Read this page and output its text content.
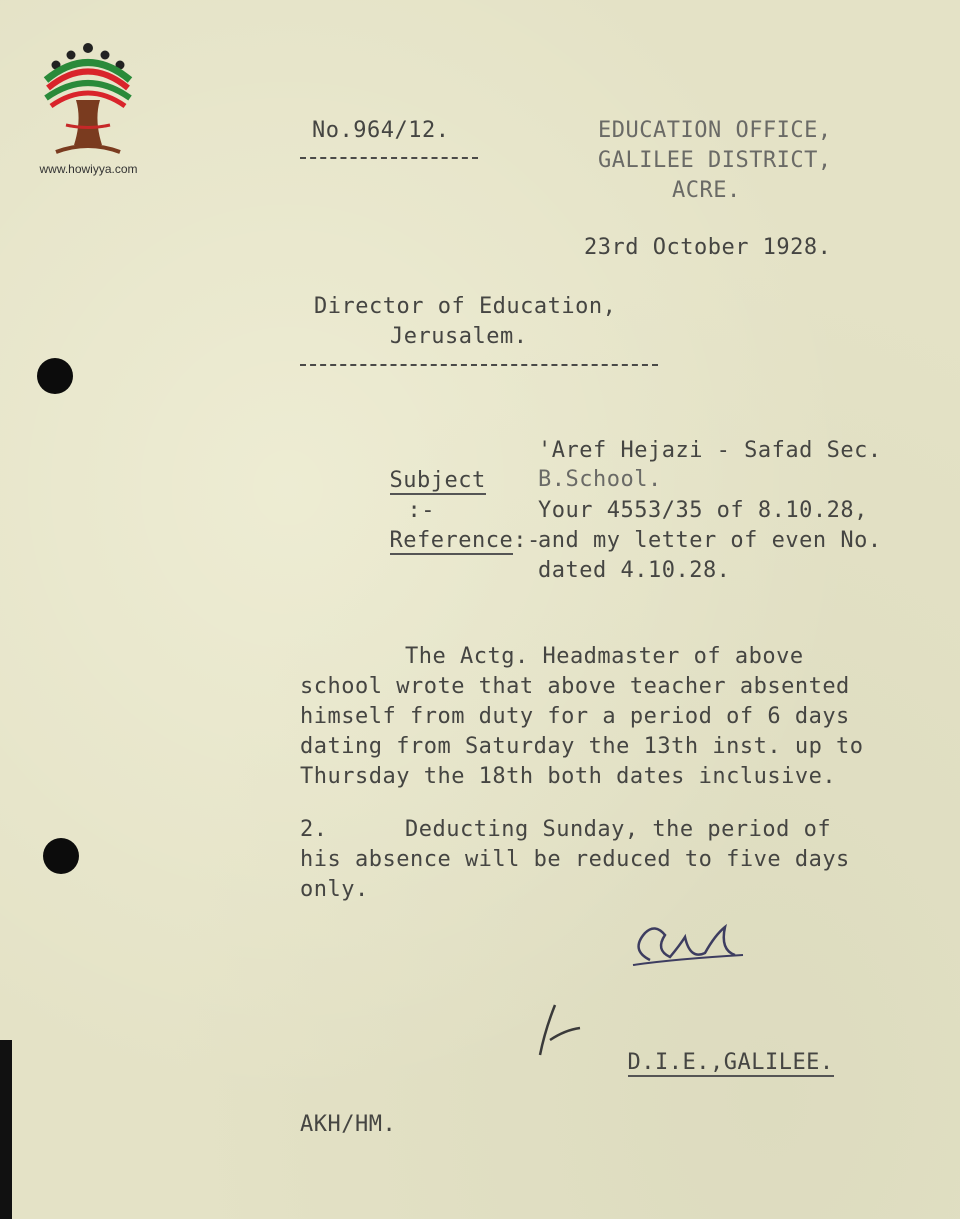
www.howiyya.com
No.964/12.	EDUCATION OFFICE,
GALILEE DISTRICT,
ACRE.
23rd October 1928.
Director of Education,
Jerusalem.

Subject
:-

'Aref Hejazi - Safad Sec.
B.School.

Reference:-

Your 4553/35 of 8.10.28,
and my letter of even No.
dated 4.10.28.
The Actg. Headmaster of above
school wrote that above teacher absented
himself from duty for a period of 6 days
dating from Saturday the 13th inst. up to
Thursday the 18th both dates inclusive.
2.	Deducting Sunday, the period of
his absence will be reduced to five days
only.

D.I.E.,GALILEE.

AKH/HM.
